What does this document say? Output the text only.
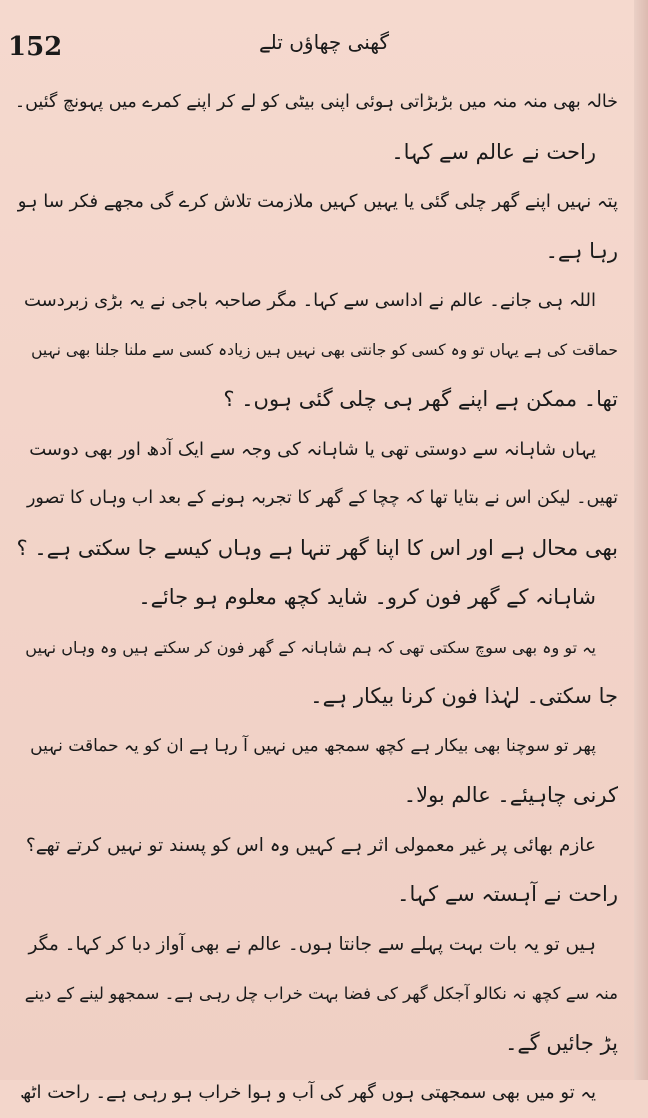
152	گھنی چھاؤں تلے
خالہ بھی منہ منہ میں بڑبڑاتی ہوئی اپنی بیٹی کو لے کر اپنے کمرے میں پہونچ گئیں۔
راحت نے عالم سے کہا۔
پتہ نہیں اپنے گھر چلی گئی یا یہیں کہیں ملازمت تلاش کرے گی مجھے فکر سا ہو
رہا ہے۔
اللہ ہی جانے۔ عالم نے اداسی سے کہا۔ مگر صاحبہ باجی نے یہ بڑی زبردست
حماقت کی ہے یہاں تو وہ کسی کو جانتی بھی نہیں ہیں زیادہ کسی سے ملنا جلنا بھی نہیں
تھا۔ ممکن ہے اپنے گھر ہی چلی گئی ہوں۔ ؟
یہاں شاہانہ سے دوستی تھی یا شاہانہ کی وجہ سے ایک آدھ اور بھی دوست
تھیں۔ لیکن اس نے بتایا تھا کہ چچا کے گھر کا تجربہ ہونے کے بعد اب وہاں کا تصور
بھی محال ہے اور اس کا اپنا گھر تنہا ہے وہاں کیسے جا سکتی ہے۔ ؟
شاہانہ کے گھر فون کرو۔ شاید کچھ معلوم ہو جائے۔
یہ تو وہ بھی سوچ سکتی تھی کہ ہم شاہانہ کے گھر فون کر سکتے ہیں وہ وہاں نہیں
جا سکتی۔ لہٰذا فون کرنا بیکار ہے۔
پھر تو سوچنا بھی بیکار ہے کچھ سمجھ میں نہیں آ رہا ہے ان کو یہ حماقت نہیں
کرنی چاہیئے۔ عالم بولا۔
عازم بھائی پر غیر معمولی اثر ہے کہیں وہ اس کو پسند تو نہیں کرتے تھے؟
راحت نے آہستہ سے کہا۔
ہیں تو یہ بات بہت پہلے سے جانتا ہوں۔ عالم نے بھی آواز دبا کر کہا۔ مگر
منہ سے کچھ نہ نکالو آجکل گھر کی فضا بہت خراب چل رہی ہے۔ سمجھو لینے کے دینے
پڑ جائیں گے۔
یہ تو میں بھی سمجھتی ہوں گھر کی آب و ہوا خراب ہو رہی ہے۔ راحت اٹھ
